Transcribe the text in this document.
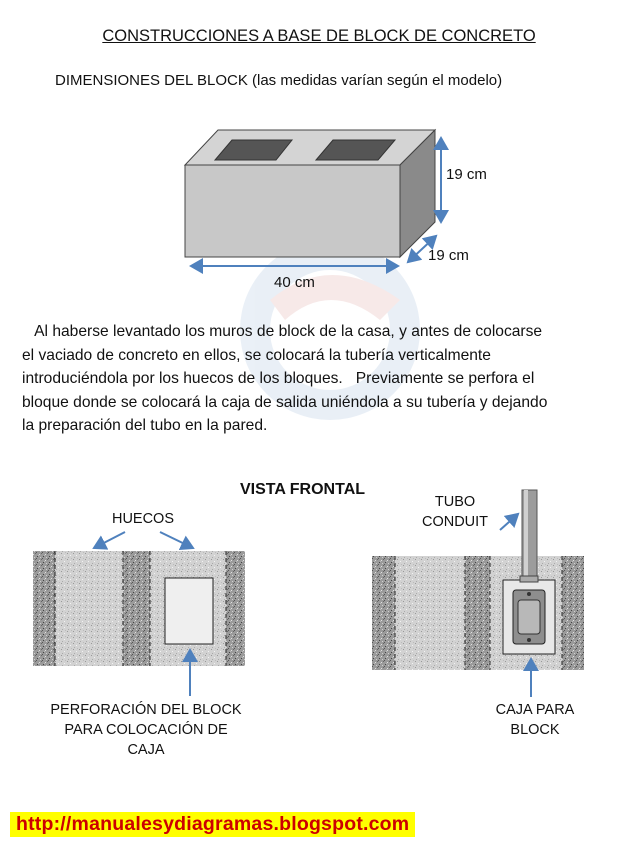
CONSTRUCCIONES A BASE DE BLOCK DE CONCRETO
DIMENSIONES DEL BLOCK (las medidas varían según el modelo)
19 cm
19 cm
40 cm

Al haberse levantado los muros de block de la casa, y antes de colocarse

el vaciado de concreto en ellos, se colocará la tubería verticalmente

introduciéndola por los huecos de los bloques.   Previamente se perfora el

bloque donde se colocará la caja de salida uniéndola a su tubería y dejando

la preparación del tubo en la pared.

VISTA FRONTAL
HUECOS
TUBO
CONDUIT
PERFORACIÓN DEL BLOCK
PARA COLOCACIÓN DE
CAJA
CAJA PARA
BLOCK
http://manualesydiagramas.blogspot.com
